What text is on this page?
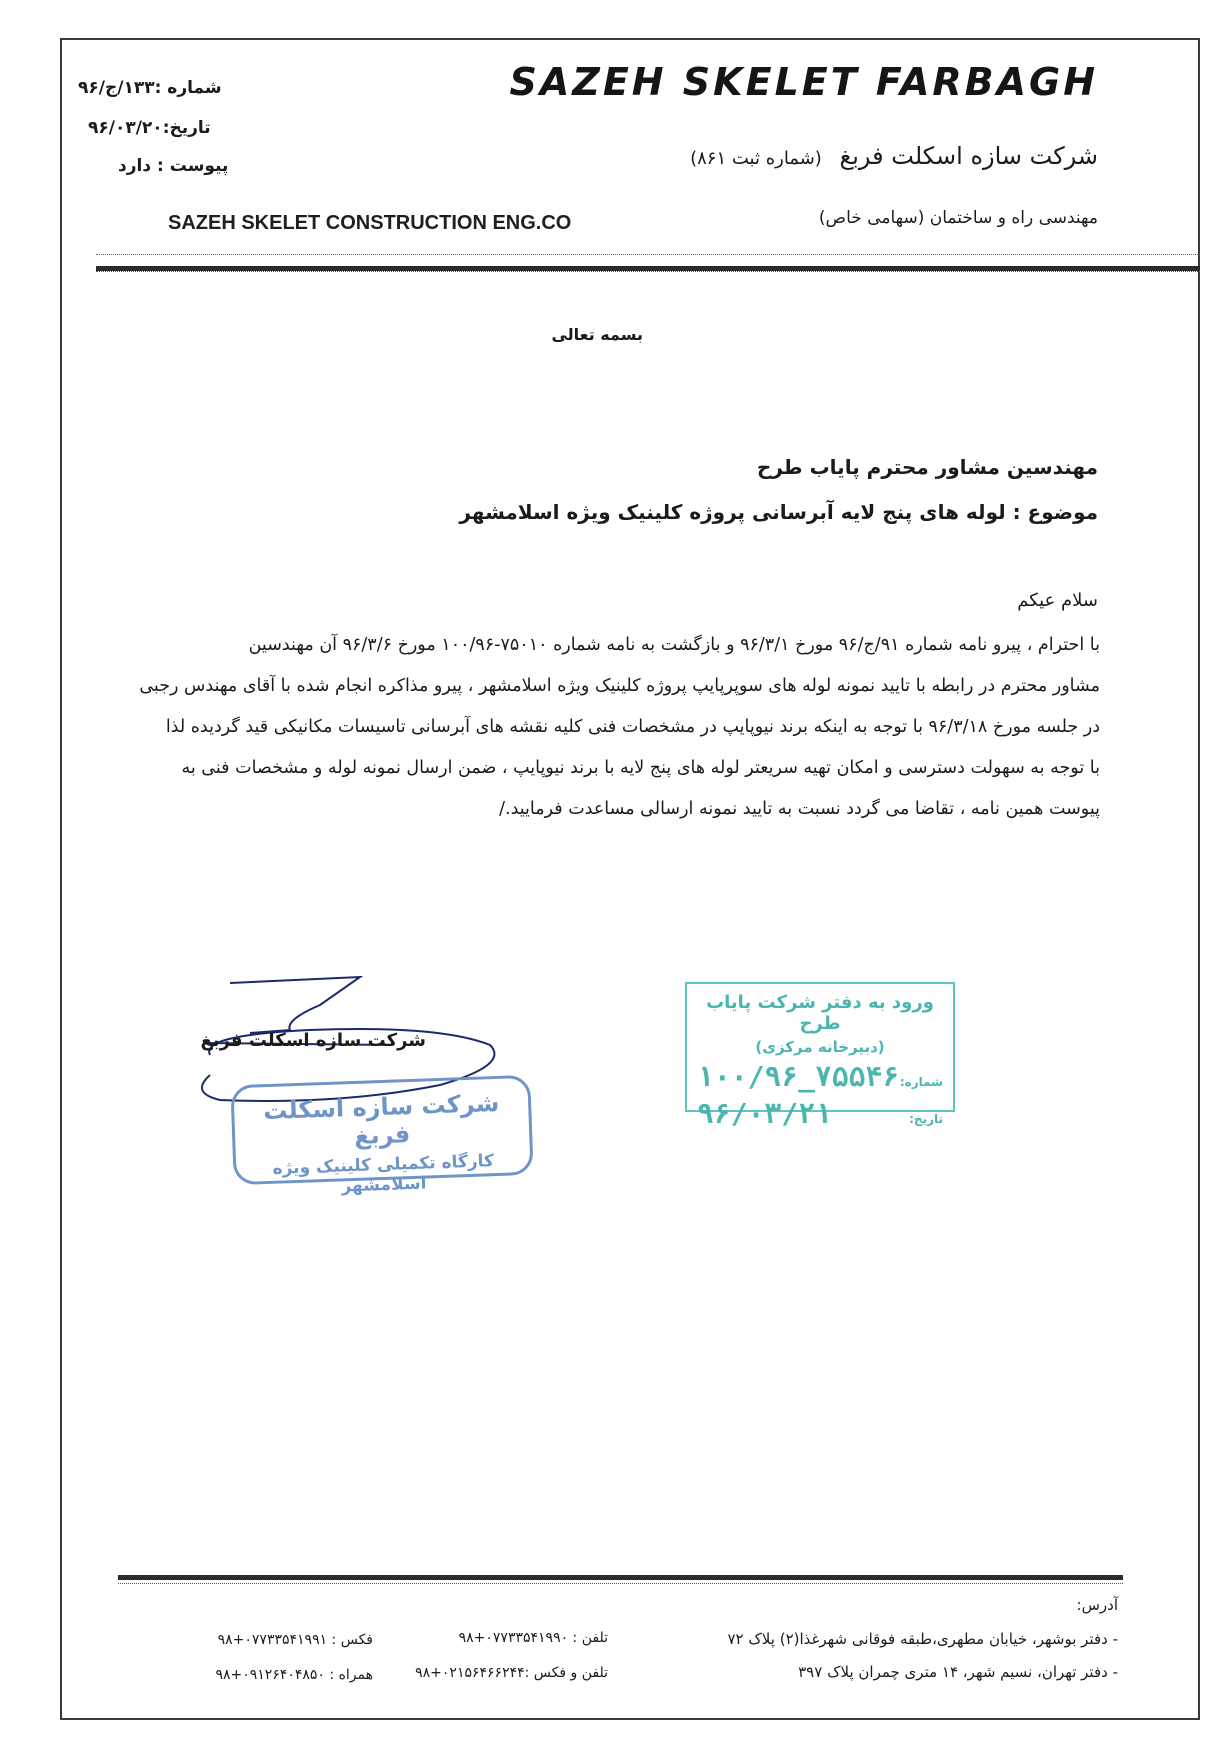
SAZEH SKELET FARBAGH
شرکت سازه اسکلت فربغ (شماره ثبت ۸۶۱)
مهندسی راه و ساختمان (سهامی خاص)
شماره :۱۳۳/ج/۹۶
تاریخ:۹۶/۰۳/۲۰
پیوست : دارد
SAZEH SKELET CONSTRUCTION ENG.CO
بسمه تعالی
مهندسین مشاور محترم پایاب طرح
موضوع : لوله های پنج لایه آبرسانی پروژه کلینیک ویژه اسلامشهر
سلام عیکم

با احترام ، پیرو نامه شماره ۹۱/ج/۹۶ مورخ ۹۶/۳/۱ و بازگشت به نامه شماره ۷۵۰۱۰-۱۰۰/۹۶ مورخ ۹۶/۳/۶ آن مهندسین

مشاور محترم در رابطه با تایید نمونه لوله های سوپرپایپ پروژه کلینیک ویژه اسلامشهر ، پیرو مذاکره انجام شده با آقای مهندس رجبی

در جلسه مورخ ۹۶/۳/۱۸ با توجه به اینکه برند نیوپایپ در مشخصات فنی کلیه نقشه های آبرسانی تاسیسات مکانیکی قید گردیده لذا

با توجه به سهولت دسترسی و امکان تهیه سریعتر لوله های پنج لایه با برند نیوپایپ ، ضمن ارسال نمونه لوله و مشخصات فنی به

پیوست همین نامه ، تقاضا می گردد نسبت به تایید نمونه ارسالی مساعدت فرمایید./

شرکت سازه اسکلت فربغ
شرکت سازه اسکلت فربغ
کارگاه تکمیلی کلینیک ویژه اسلامشهر
ورود به دفتر شرکت پایاب طرح
(دبیرخانه مرکزی)
شماره:
۱۰۰/۹۶_۷۵۵۴۶
تاریخ:
۹۶/۰۳/۲۱
آدرس:
- دفتر بوشهر، خیابان مطهری،طبقه فوقانی شهرغذا(۲) پلاک ۷۲
- دفتر تهران، نسیم شهر، ۱۴ متری چمران پلاک ۳۹۷
تلفن : ۰۷۷۳۳۵۴۱۹۹۰+۹۸
فکس : ۰۷۷۳۳۵۴۱۹۹۱+۹۸
تلفن و فکس :۰۲۱۵۶۴۶۶۲۴۴+۹۸
همراه : ۰۹۱۲۶۴۰۴۸۵۰+۹۸
